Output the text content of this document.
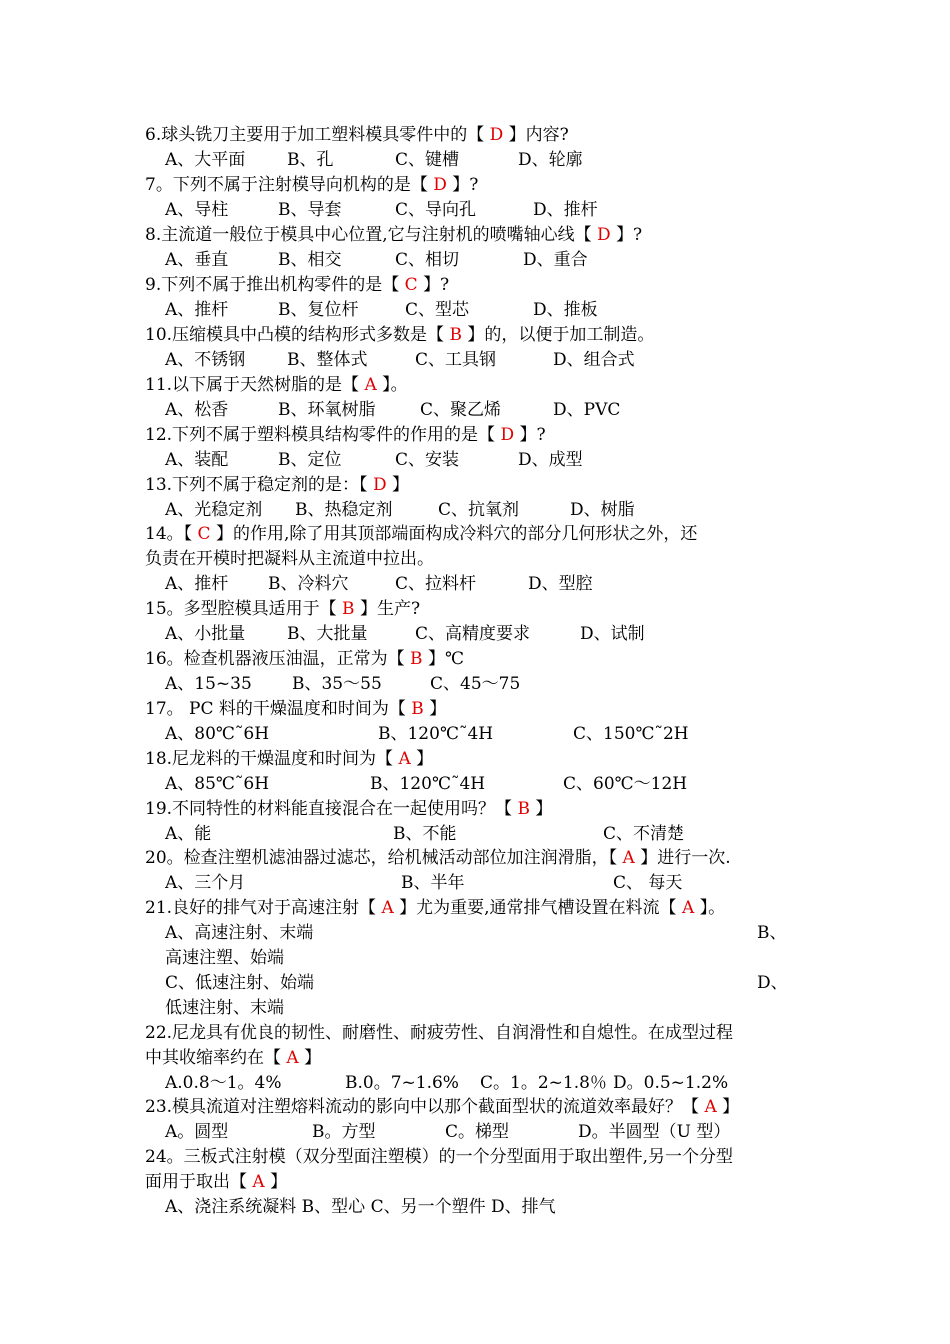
6.球头铣刀主要用于加工塑料模具零件中的【 D 】内容?
A、大平面 B、孔	C、键槽	D、轮廓
7。下列不属于注射模导向机构的是【 D 】?
A、导柱	B、导套	C、导向孔	D、推杆
8.主流道一般位于模具中心位置,它与注射机的喷嘴轴心线【 D 】?
A、垂直	B、相交	C、相切	D、重合
9.下列不属于推出机构零件的是【 C 】?
A、推杆	B、复位杆	C、型芯	D、推板
10.压缩模具中凸模的结构形式多数是【 B 】的，以便于加工制造。
A、不锈钢 B、整体式	C、工具钢	D、组合式
11.以下属于天然树脂的是【 A 】。
A、松香	B、环氧树脂	C、聚乙烯	D、PVC
12.下列不属于塑料模具结构零件的作用的是【 D 】?
A、装配	B、定位	C、安装	D、成型
13.下列不属于稳定剂的是：【 D 】
A、光稳定剂 B、热稳定剂	C、抗氧剂	D、树脂
14。【 C 】的作用,除了用其顶部端面构成冷料穴的部分几何形状之外，还
负责在开模时把凝料从主流道中拉出。
A、推杆 B、冷料穴	C、拉料杆	D、型腔
15。多型腔模具适用于【 B 】生产?
A、小批量 B、大批量	C、高精度要求	D、试制
16。检查机器液压油温，正常为【 B 】℃
A、15~35 B、35～55	C、45～75
17。 PC 料的干燥温度和时间为【 B 】
A、80℃˜6H	B、120℃˜4H	C、150℃˜2H
18.尼龙料的干燥温度和时间为【 A 】
A、85℃˜6H	B、120℃˜4H	C、60℃～12H
19.不同特性的材料能直接混合在一起使用吗？【 B 】
A、能	B、不能	C、不清楚
20。检查注塑机滤油器过滤芯，给机械活动部位加注润滑脂，【 A 】进行一次.
A、三个月	B、半年	C、 每天
21.良好的排气对于高速注射【 A 】尤为重要,通常排气槽设置在料流【 A 】。
A、高速注射、末端	B、
高速注塑、始端
C、低速注射、始端	D、
低速注射、末端
22.尼龙具有优良的韧性、耐磨性、耐疲劳性、自润滑性和自熄性。在成型过程
中其收缩率约在【 A 】
A.0.8～1。4%	B.0。7~1.6% C。1。2~1.8％ D。0.5~1.2%
23.模具流道对注塑熔料流动的影向中以那个截面型状的流道效率最好？【 A 】
A。圆型	B。方型	C。梯型	D。半圆型（U 型）
24。三板式注射模（双分型面注塑模）的一个分型面用于取出塑件,另一个分型
面用于取出【 A 】
A、浇注系统凝料 B、型心 C、另一个塑件 D、排气
